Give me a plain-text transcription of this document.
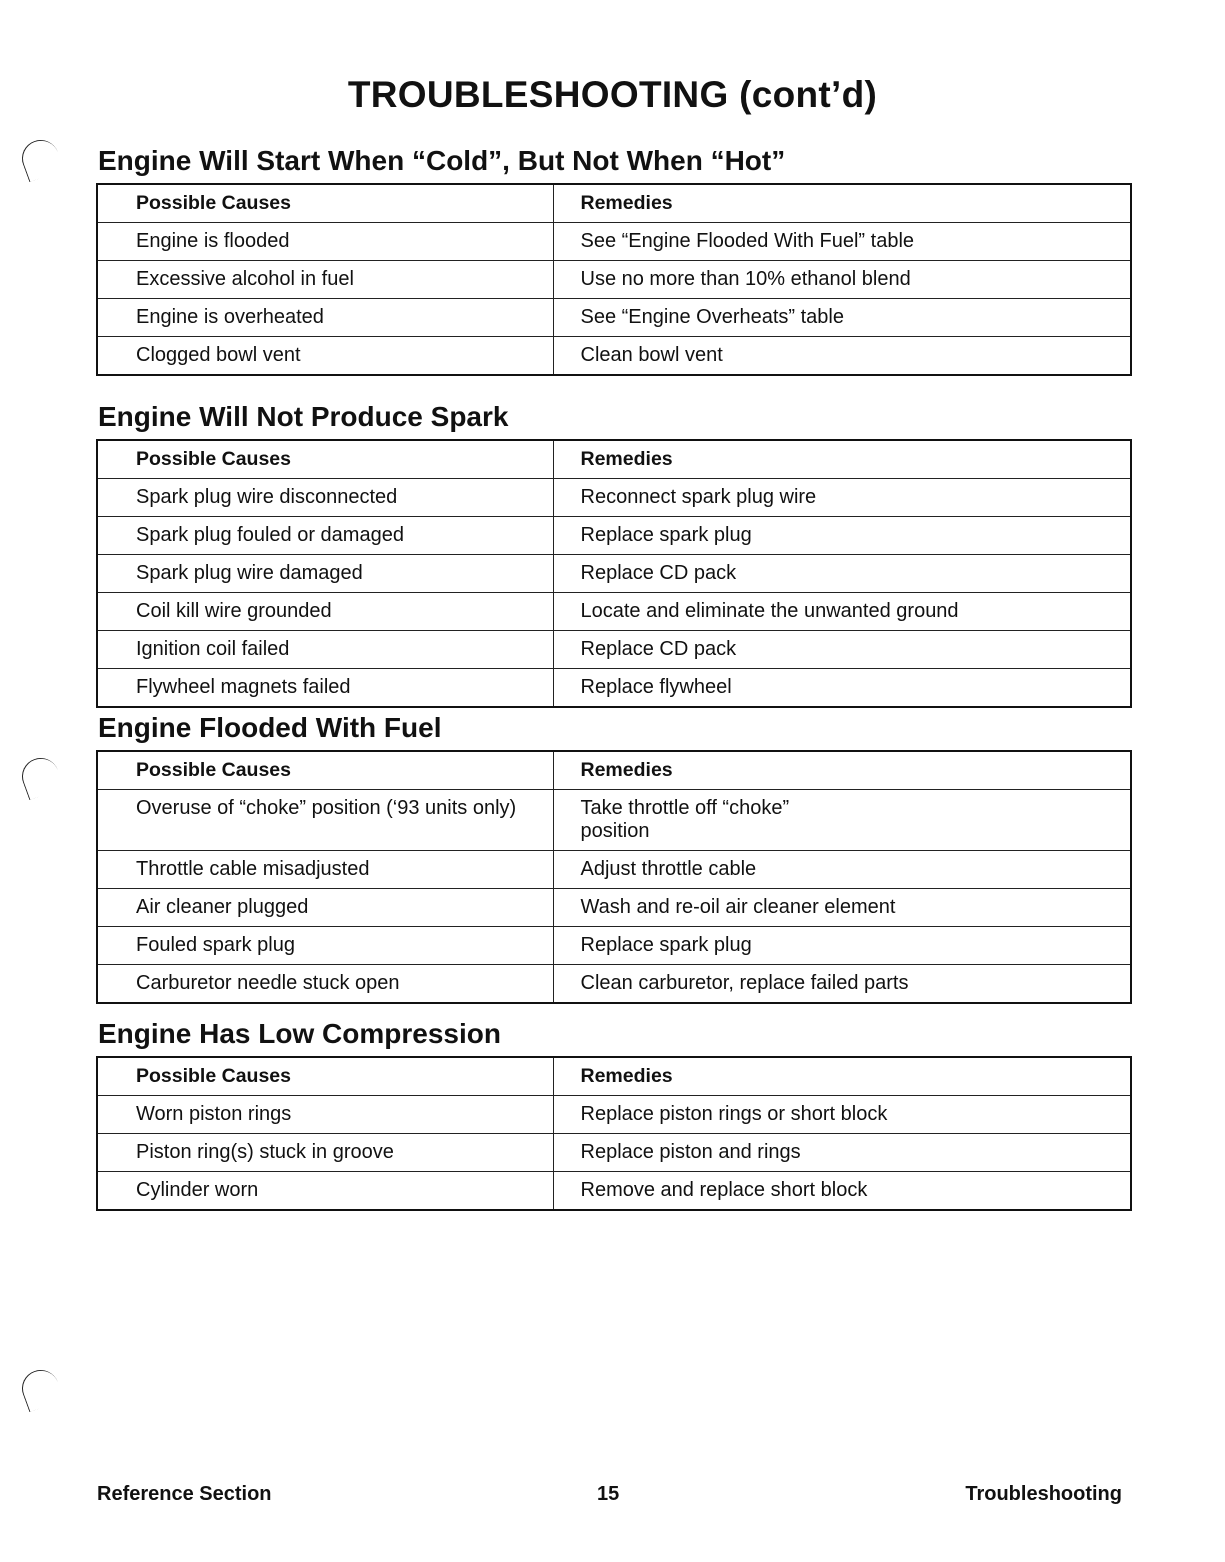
TROUBLESHOOTING (cont’d)
Engine Will Start When “Cold”, But Not When “Hot”
Possible Causes	Remedies
Engine is flooded	See “Engine Flooded With Fuel” table
Excessive alcohol in fuel	Use no more than 10% ethanol blend
Engine is overheated	See “Engine Overheats” table
Clogged bowl vent	Clean bowl vent
Engine Will Not Produce Spark
Possible Causes	Remedies
Spark plug wire disconnected	Reconnect spark plug wire
Spark plug fouled or damaged	Replace spark plug
Spark plug wire damaged	Replace CD pack
Coil kill wire grounded	Locate and eliminate the unwanted ground
Ignition coil failed	Replace CD pack
Flywheel magnets failed	Replace flywheel
Engine Flooded With Fuel
Possible Causes	Remedies
Overuse of “choke” position (‘93 units only)	Take throttle off “choke”
position
Throttle cable misadjusted	Adjust throttle cable
Air cleaner plugged	Wash and re-oil air cleaner element
Fouled spark plug	Replace spark plug
Carburetor needle stuck open	Clean carburetor, replace failed parts
Engine Has Low Compression
Possible Causes	Remedies
Worn piston rings	Replace piston rings or short block
Piston ring(s) stuck in groove	Replace piston and rings
Cylinder worn	Remove and replace short block
Reference Section	15	Troubleshooting
